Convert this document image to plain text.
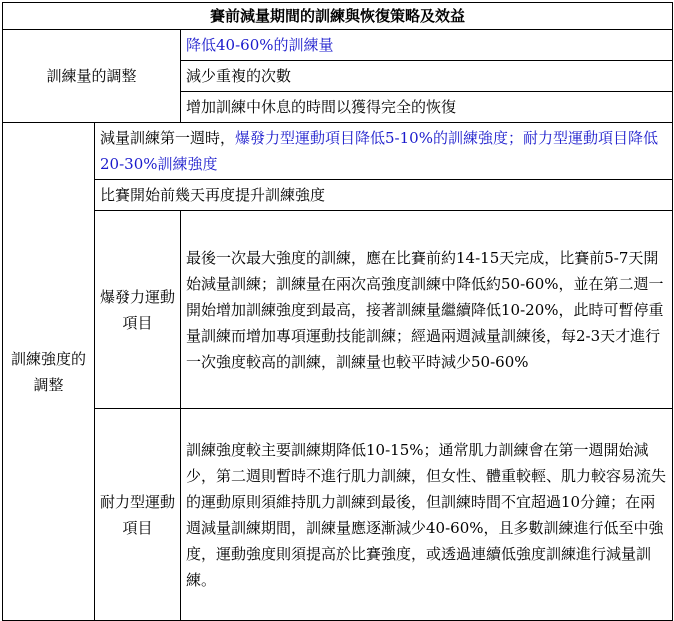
賽前減量期間的訓練與恢復策略及效益		
訓練量的調整		降低40-60%的訓練量
		減少重複的次數
		增加訓練中休息的時間以獲得完全的恢復
訓練強度的調整	減量訓練第一週時，爆發力型運動項目降低5-10%的訓練強度；耐力型運動項目降低20-30%訓練強度	
	比賽開始前幾天再度提升訓練強度	
	爆發力運動項目	最後一次最大強度的訓練，應在比賽前約14-15天完成，比賽前5-7天開始減量訓練；訓練量在兩次高強度訓練中降低約50-60%，並在第二週一開始增加訓練強度到最高，接著訓練量繼續降低10-20%，此時可暫停重量訓練而增加專項運動技能訓練；經過兩週減量訓練後，每2-3天才進行一次強度較高的訓練，訓練量也較平時減少50-60%
	耐力型運動項目	訓練強度較主要訓練期降低10-15%；通常肌力訓練會在第一週開始減少，第二週則暫時不進行肌力訓練，但女性、體重較輕、肌力較容易流失的運動原則須維持肌力訓練到最後，但訓練時間不宜超過10分鐘；在兩週減量訓練期間，訓練量應逐漸減少40-60%，且多數訓練進行低至中強度，運動強度則須提高於比賽強度，或透過連續低強度訓練進行減量訓練。
